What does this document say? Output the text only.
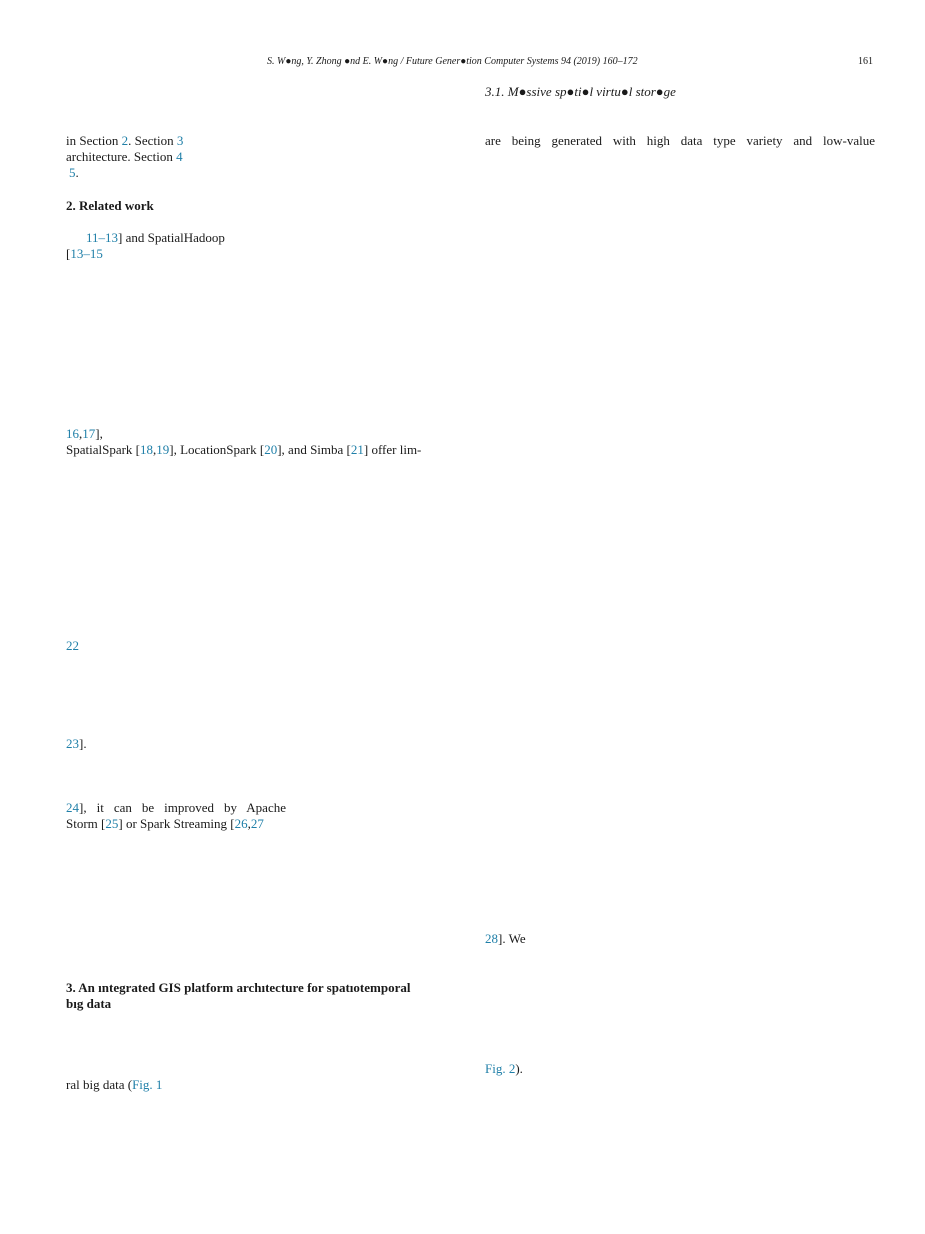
S. W●ng, Y. Zhong ●nd E. W●ng / Future Gener●tion Computer Systems 94 (2019) 160–172	161
in Section 2. Section 3
architecture. Section 4
5.
2. Related work
11–13] and SpatialHadoop
[13–15
16,17],
SpatialSpark [18,19], LocationSpark [20], and Simba [21] offer lim-
22
23].
24], it can be improved by Apache
Storm [25] or Spark Streaming [26,27
3. An ıntegrated GIS platform archıtecture for spatıotemporal
bıg data
ral big data (Fig. 1
3.1. M●ssive sp●ti●l virtu●l stor●ge
are being generated with high data type variety and low-value
28]. We
Fig. 2).
